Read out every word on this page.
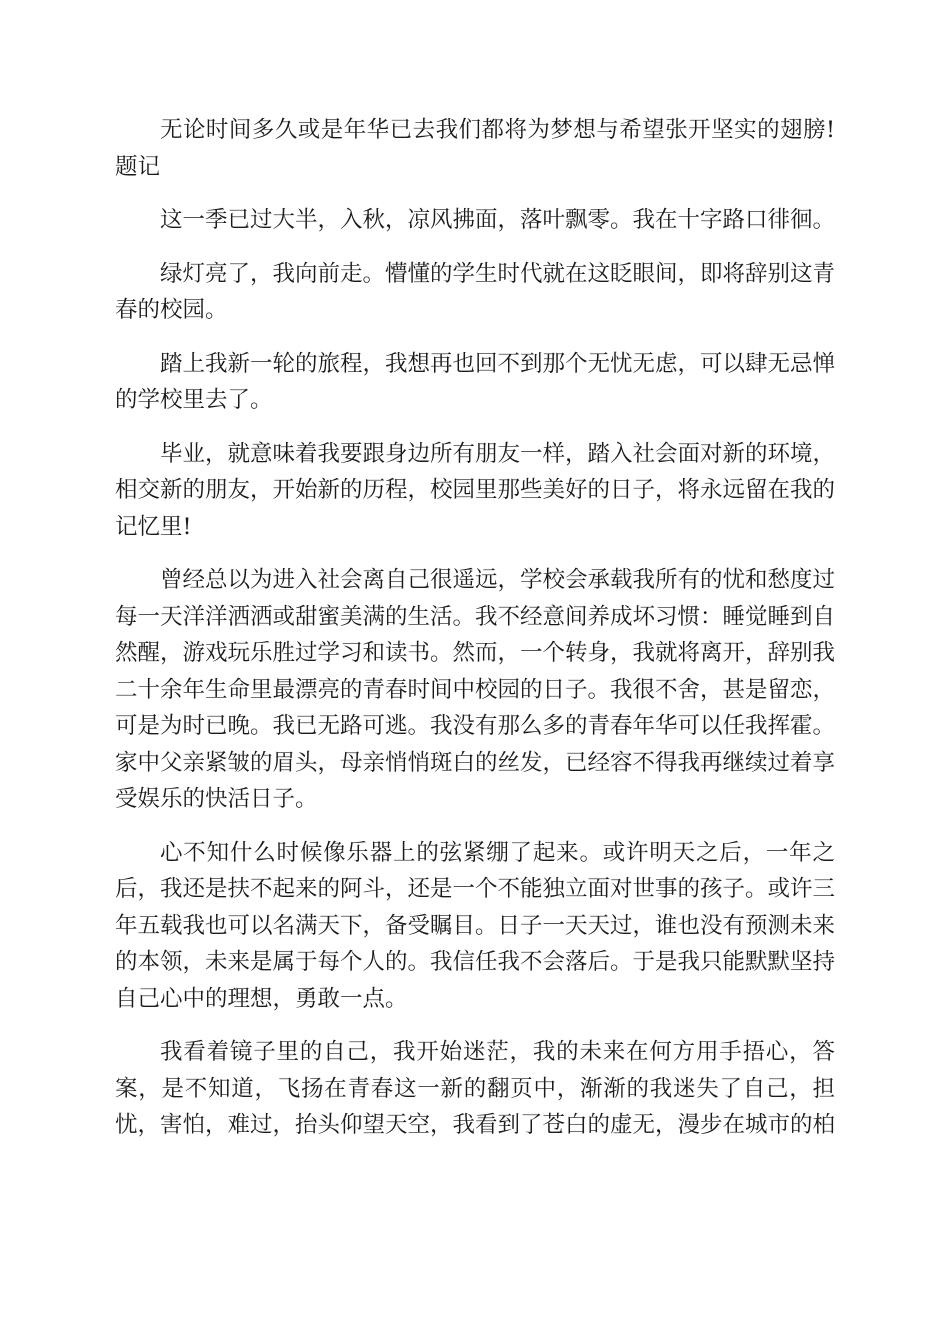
无论时间多久或是年华已去我们都将为梦想与希望张开坚实的翅膀!题记

这一季已过大半，入秋，凉风拂面，落叶飘零。我在十字路口徘徊。

绿灯亮了，我向前走。懵懂的学生时代就在这眨眼间，即将辞别这青春的校园。

踏上我新一轮的旅程，我想再也回不到那个无忧无虑，可以肆无忌惮的学校里去了。

毕业，就意味着我要跟身边所有朋友一样，踏入社会面对新的环境，相交新的朋友，开始新的历程，校园里那些美好的日子，将永远留在我的记忆里!

曾经总以为进入社会离自己很遥远，学校会承载我所有的忧和愁度过每一天洋洋洒洒或甜蜜美满的生活。我不经意间养成坏习惯：睡觉睡到自然醒，游戏玩乐胜过学习和读书。然而，一个转身，我就将离开，辞别我二十余年生命里最漂亮的青春时间中校园的日子。我很不舍，甚是留恋，可是为时已晚。我已无路可逃。我没有那么多的青春年华可以任我挥霍。家中父亲紧皱的眉头，母亲悄悄斑白的丝发，已经容不得我再继续过着享受娱乐的快活日子。

心不知什么时候像乐器上的弦紧绷了起来。或许明天之后，一年之后，我还是扶不起来的阿斗，还是一个不能独立面对世事的孩子。或许三年五载我也可以名满天下，备受瞩目。日子一天天过，谁也没有预测未来的本领，未来是属于每个人的。我信任我不会落后。于是我只能默默坚持自己心中的理想，勇敢一点。

我看着镜子里的自己，我开始迷茫，我的未来在何方用手捂心，答案，是不知道，飞扬在青春这一新的翻页中，渐渐的我迷失了自己，担忧，害怕，难过，抬头仰望天空，我看到了苍白的虚无，漫步在城市的柏
